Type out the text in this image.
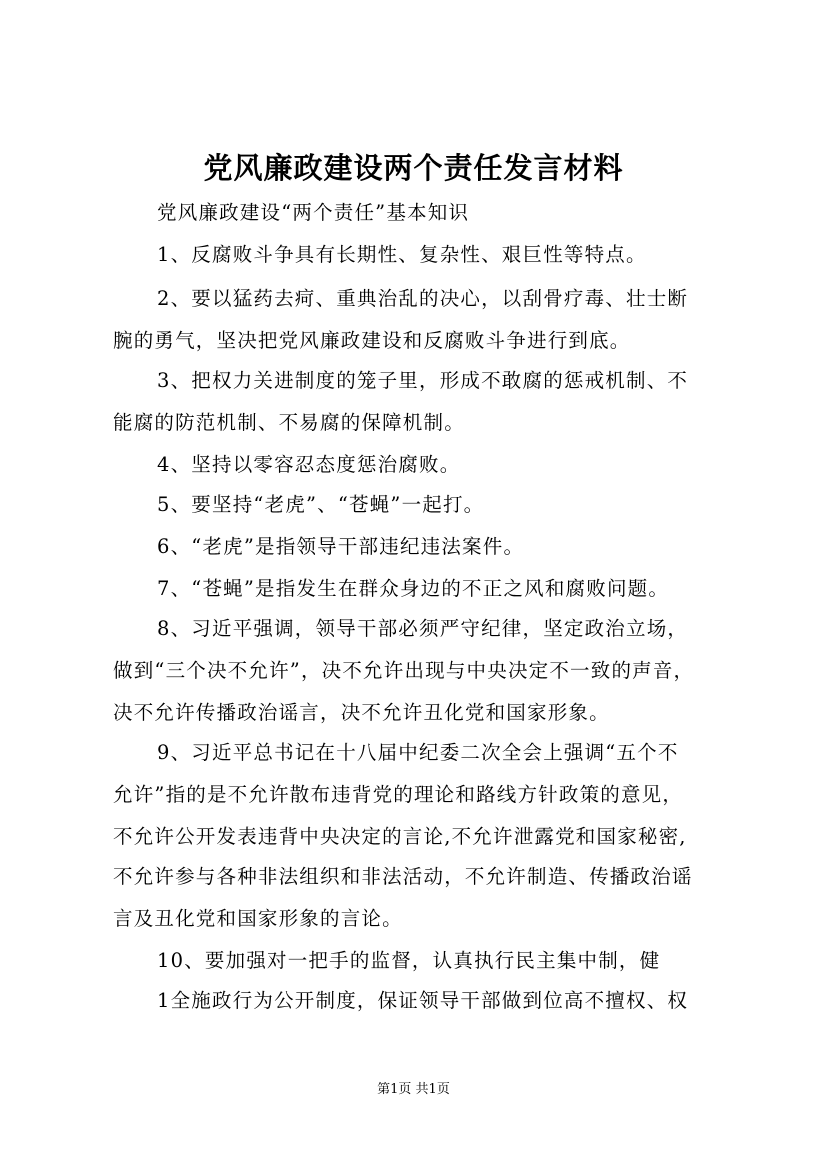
党风廉政建设两个责任发言材料
党风廉政建设“两个责任”基本知识
1、反腐败斗争具有长期性、复杂性、艰巨性等特点。
2、要以猛药去疴、重典治乱的决心，以刮骨疗毒、壮士断
腕的勇气，坚决把党风廉政建设和反腐败斗争进行到底。
3、把权力关进制度的笼子里，形成不敢腐的惩戒机制、不
能腐的防范机制、不易腐的保障机制。
4、坚持以零容忍态度惩治腐败。
5、要坚持“老虎”、“苍蝇”一起打。
6、“老虎”是指领导干部违纪违法案件。
7、“苍蝇”是指发生在群众身边的不正之风和腐败问题。
8、习近平强调，领导干部必须严守纪律，坚定政治立场，
做到“三个决不允许”，决不允许出现与中央决定不一致的声音，
决不允许传播政治谣言，决不允许丑化党和国家形象。
9、习近平总书记在十八届中纪委二次全会上强调“五个不
允许”指的是不允许散布违背党的理论和路线方针政策的意见，
不允许公开发表违背中央决定的言论,不允许泄露党和国家秘密,
不允许参与各种非法组织和非法活动，不允许制造、传播政治谣
言及丑化党和国家形象的言论。
10、要加强对一把手的监督，认真执行民主集中制，健
1全施政行为公开制度，保证领导干部做到位高不擅权、权
第1页 共1页
